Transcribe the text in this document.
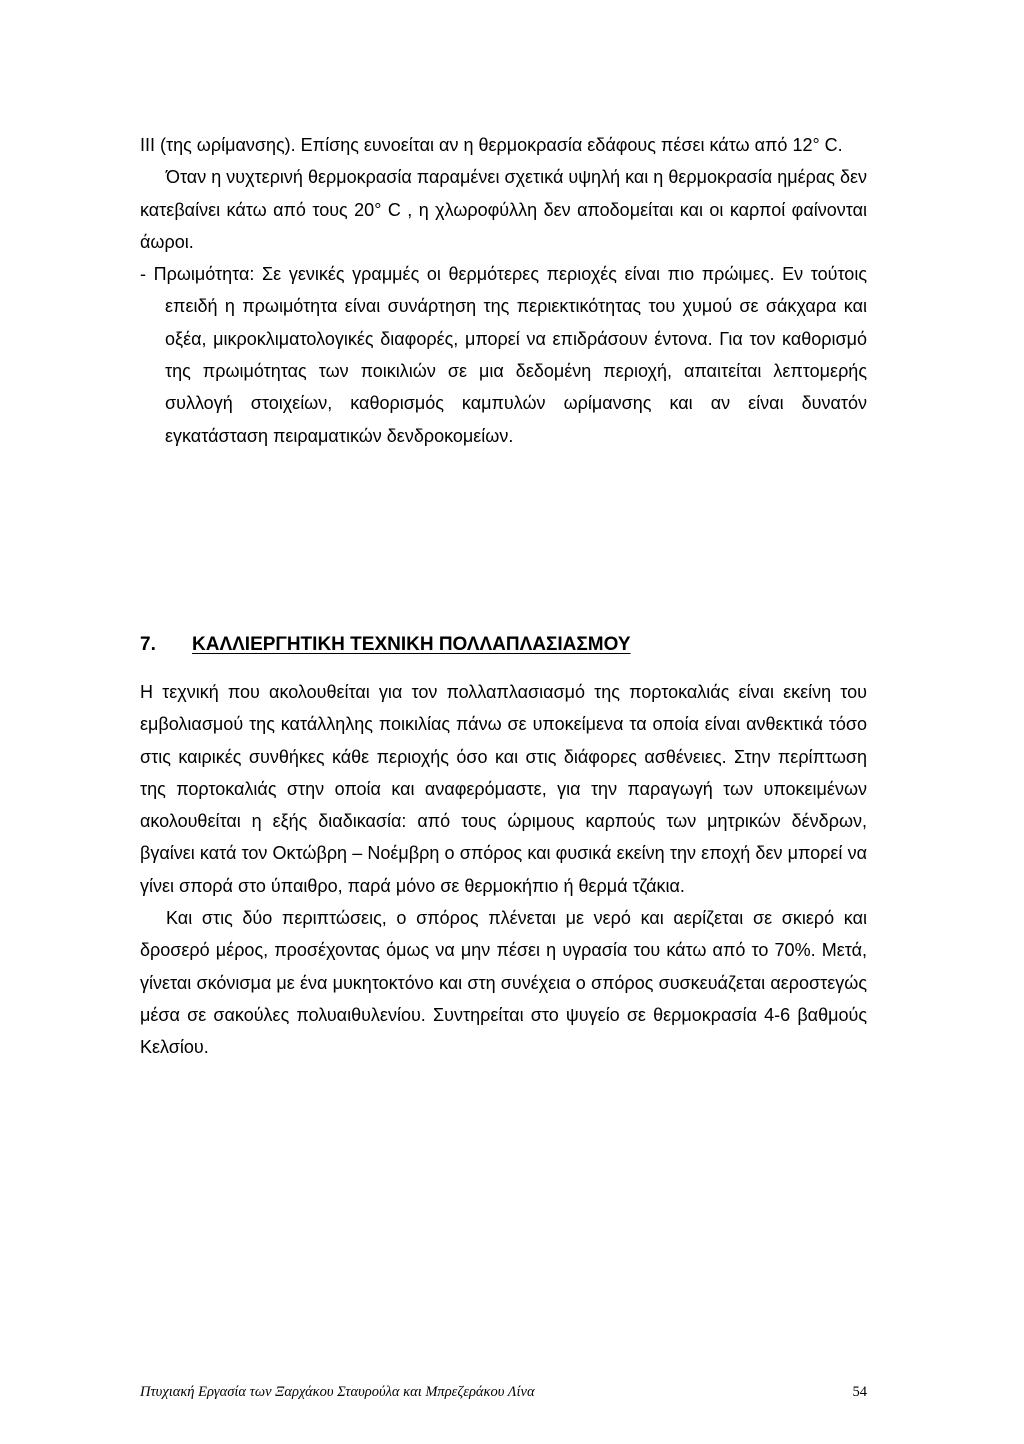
III (της ωρίμανσης). Επίσης ευνοείται αν η θερμοκρασία εδάφους πέσει κάτω από 12° C.

Όταν η νυχτερινή θερμοκρασία παραμένει σχετικά υψηλή και η θερμοκρασία ημέρας δεν κατεβαίνει κάτω από τους 20° C , η χλωροφύλλη δεν αποδομείται και οι καρποί φαίνονται άωροι.

- Πρωιμότητα: Σε γενικές γραμμές οι θερμότερες περιοχές είναι πιο πρώιμες. Εν τούτοις επειδή η πρωιμότητα είναι συνάρτηση της περιεκτικότητας του χυμού σε σάκχαρα και οξέα, μικροκλιματολογικές διαφορές, μπορεί να επιδράσουν έντονα. Για τον καθορισμό της πρωιμότητας των ποικιλιών σε μια δεδομένη περιοχή, απαιτείται λεπτομερής συλλογή στοιχείων, καθορισμός καμπυλών ωρίμανσης και αν είναι δυνατόν εγκατάσταση πειραματικών δενδροκομείων.

7. ΚΑΛΛΙΕΡΓΗΤΙΚΗ ΤΕΧΝΙΚΗ ΠΟΛΛΑΠΛΑΣΙΑΣΜΟΥ

Η τεχνική που ακολουθείται για τον πολλαπλασιασμό της πορτοκαλιάς είναι εκείνη του εμβολιασμού της κατάλληλης ποικιλίας πάνω σε υποκείμενα τα οποία είναι ανθεκτικά τόσο στις καιρικές συνθήκες κάθε περιοχής όσο και στις διάφορες ασθένειες. Στην περίπτωση της πορτοκαλιάς στην οποία και αναφερόμαστε, για την παραγωγή των υποκειμένων ακολουθείται η εξής διαδικασία: από τους ώριμους καρπούς των μητρικών δένδρων, βγαίνει κατά τον Οκτώβρη – Νοέμβρη ο σπόρος και φυσικά εκείνη την εποχή δεν μπορεί να γίνει σπορά στο ύπαιθρο, παρά μόνο σε θερμοκήπιο ή θερμά τζάκια.

Και στις δύο περιπτώσεις, ο σπόρος πλένεται με νερό και αερίζεται σε σκιερό και δροσερό μέρος, προσέχοντας όμως να μην πέσει η υγρασία του κάτω από το 70%. Μετά, γίνεται σκόνισμα με ένα μυκητοκτόνο και στη συνέχεια ο σπόρος συσκευάζεται αεροστεγώς μέσα σε σακούλες πολυαιθυλενίου. Συντηρείται στο ψυγείο σε θερμοκρασία 4-6 βαθμούς Κελσίου.

Πτυχιακή Εργασία των Ξαρχάκου Σταυρούλα και Μπρεζεράκου Λίνα	54
